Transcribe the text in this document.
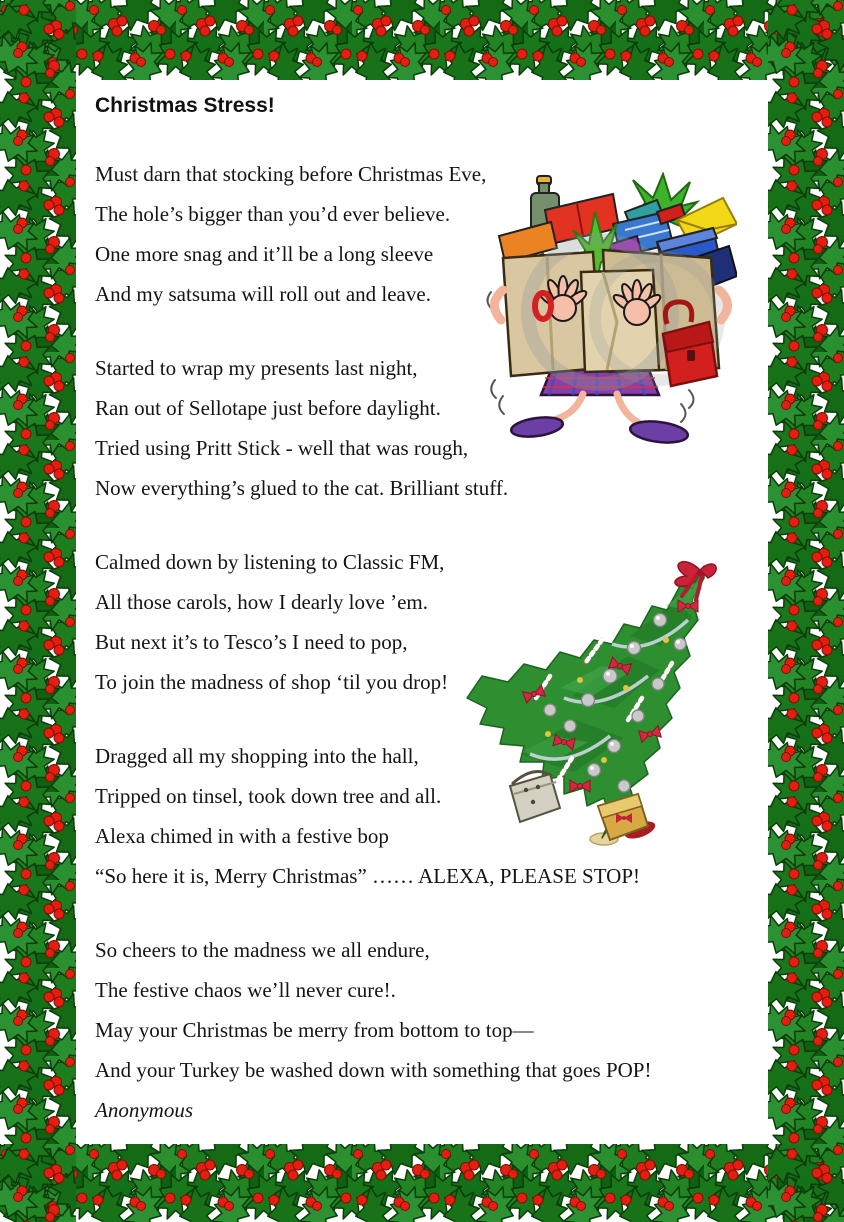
Christmas Stress!

Must darn that stocking before Christmas Eve,

The hole’s bigger than you’d ever believe.

One more snag and it’ll be a long sleeve

And my satsuma will roll out and leave.

Started to wrap my presents last night,

Ran out of Sellotape just before daylight.

Tried using Pritt Stick - well that was rough,

Now everything’s glued to the cat. Brilliant stuff.

Calmed down by listening to Classic FM,

All those carols, how I dearly love ’em.

But next it’s to Tesco’s I need to pop,

To join the madness of shop ‘til you drop!

Dragged all my shopping into the hall,

Tripped on tinsel, took down tree and all.

Alexa chimed in with a festive bop

“So here it is, Merry Christmas” …… ALEXA, PLEASE STOP!

So cheers to the madness we all endure,

The festive chaos we’ll never cure!.

May your Christmas be merry from bottom to top—

And your Turkey be washed down with something that goes POP!

Anonymous
